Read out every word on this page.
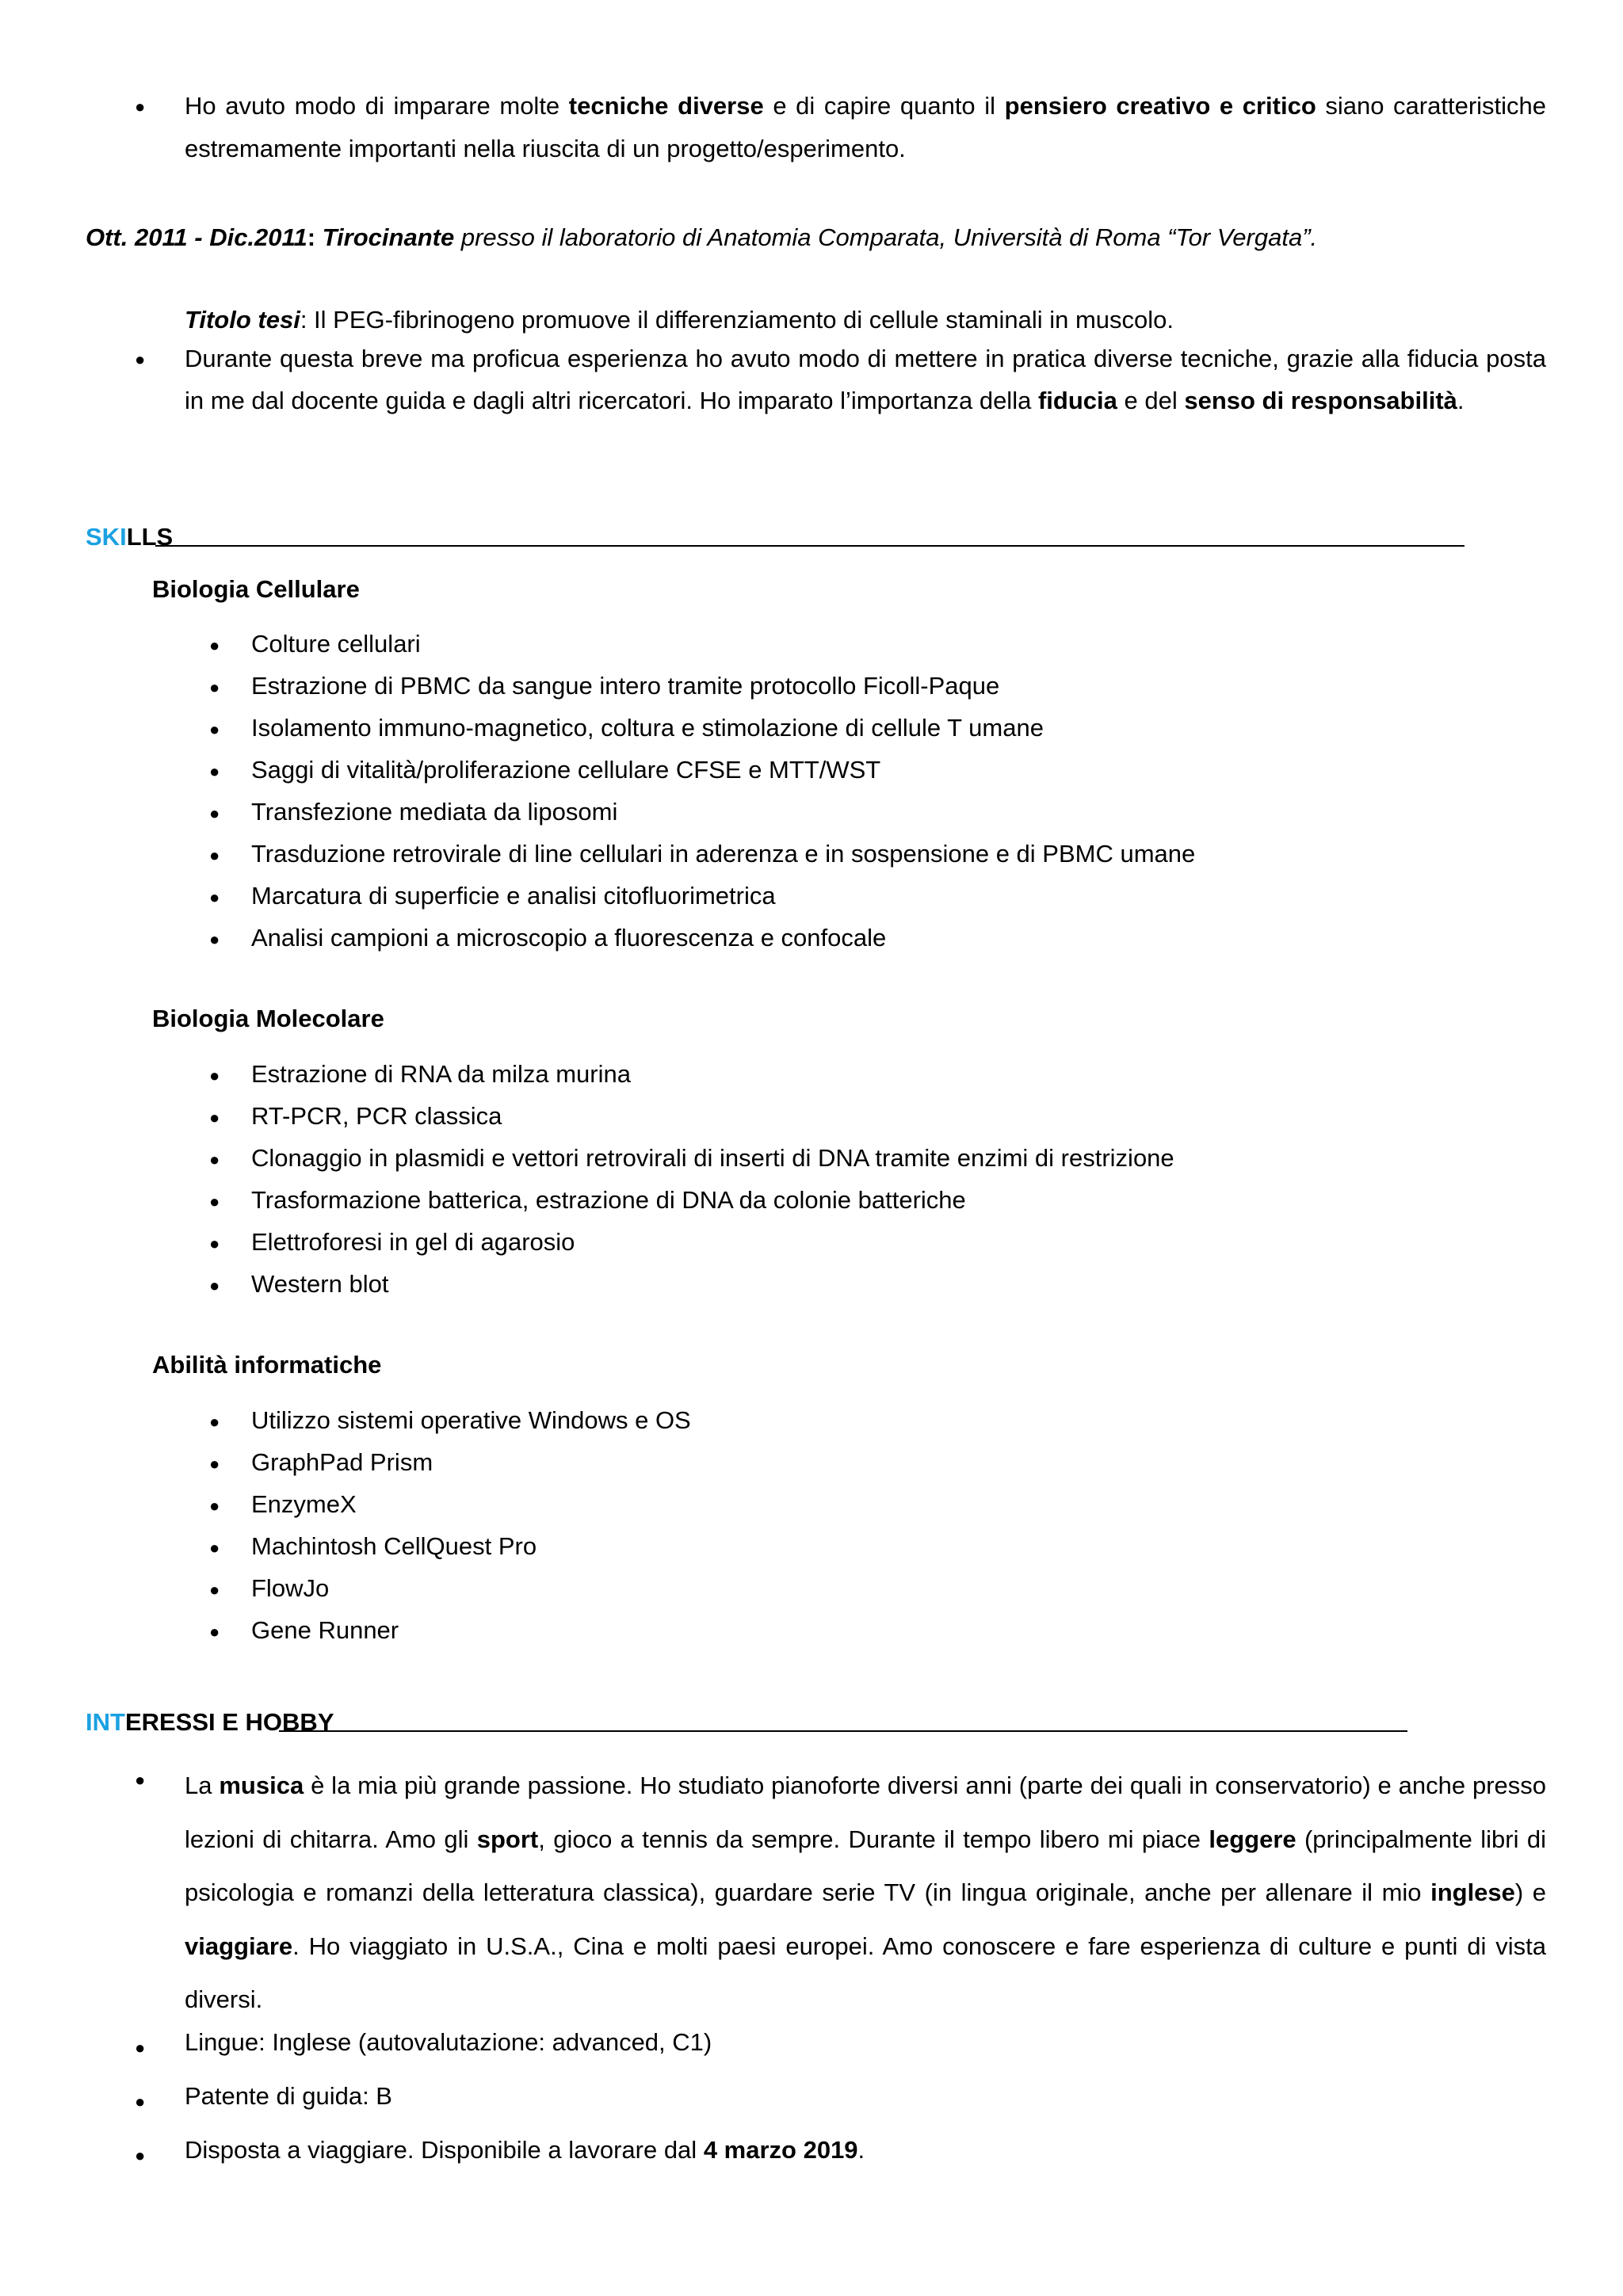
● Ho avuto modo di imparare molte tecniche diverse e di capire quanto il pensiero creativo e critico siano caratteristiche estremamente importanti nella riuscita di un progetto/esperimento.
Ott. 2011 - Dic.2011: Tirocinante presso il laboratorio di Anatomia Comparata, Università di Roma “Tor Vergata”.
Titolo tesi: Il PEG-fibrinogeno promuove il differenziamento di cellule staminali in muscolo.
● Durante questa breve ma proficua esperienza ho avuto modo di mettere in pratica diverse tecniche, grazie alla fiducia posta in me dal docente guida e dagli altri ricercatori. Ho imparato l’importanza della fiducia e del senso di responsabilità.
SKILLS
Biologia Cellulare
● Colture cellulari
● Estrazione di PBMC da sangue intero tramite protocollo Ficoll-Paque
● Isolamento immuno-magnetico, coltura e stimolazione di cellule T umane
● Saggi di vitalità/proliferazione cellulare CFSE e MTT/WST
● Transfezione mediata da liposomi
● Trasduzione retrovirale di line cellulari in aderenza e in sospensione e di PBMC umane
● Marcatura di superficie e analisi citofluorimetrica
● Analisi campioni a microscopio a fluorescenza e confocale
Biologia Molecolare
● Estrazione di RNA da milza murina
● RT-PCR, PCR classica
● Clonaggio in plasmidi e vettori retrovirali di inserti di DNA tramite enzimi di restrizione
● Trasformazione batterica, estrazione di DNA da colonie batteriche
● Elettroforesi in gel di agarosio
● Western blot
Abilità informatiche
● Utilizzo sistemi operative Windows e OS
● GraphPad Prism
● EnzymeX
● Machintosh CellQuest Pro
● FlowJo
● Gene Runner
INTERESSI E HOBBY
● La musica è la mia più grande passione. Ho studiato pianoforte diversi anni (parte dei quali in conservatorio) e anche presso lezioni di chitarra. Amo gli sport, gioco a tennis da sempre. Durante il tempo libero mi piace leggere (principalmente libri di psicologia e romanzi della letteratura classica), guardare serie TV (in lingua originale, anche per allenare il mio inglese) e viaggiare. Ho viaggiato in U.S.A., Cina e molti paesi europei. Amo conoscere e fare esperienza di culture e punti di vista diversi.
● Lingue: Inglese (autovalutazione: advanced, C1)
● Patente di guida: B
● Disposta a viaggiare. Disponibile a lavorare dal 4 marzo 2019.
